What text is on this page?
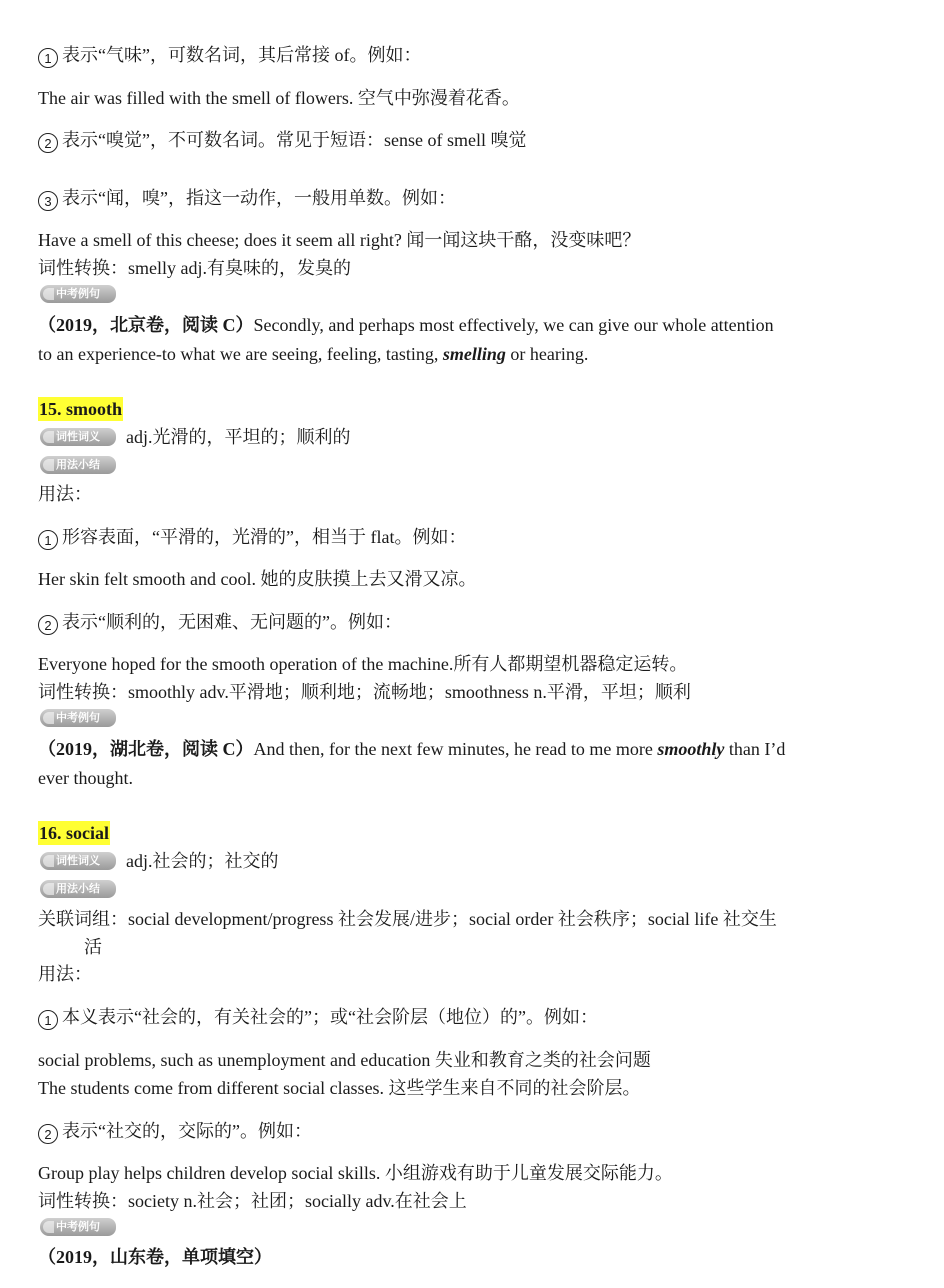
1 表示“气味”，可数名词，其后常接 of。例如：
The air was filled with the smell of flowers. 空气中弥漫着花香。
2 表示“嗅觉”，不可数名词。常见于短语：sense of smell 嗅觉
3 表示“闻，嗅”，指这一动作，一般用单数。例如：
Have a smell of this cheese; does it seem all right? 闻一闻这块干酪，没变味吧？
词性转换：smelly adj.有臭味的，发臭的
中考例句
（2019，北京卷，阅读 C）Secondly, and perhaps most effectively, we can give our whole attention
to an experience-to what we are seeing, feeling, tasting, smelling or hearing.
15. smooth
词性词义	adj.光滑的，平坦的；顺利的
用法小结
用法：
1 形容表面，“平滑的，光滑的”，相当于 flat。例如：
Her skin felt smooth and cool. 她的皮肤摸上去又滑又凉。
2 表示“顺利的，无困难、无问题的”。例如：
Everyone hoped for the smooth operation of the machine.所有人都期望机器稳定运转。
词性转换：smoothly adv.平滑地；顺利地；流畅地；smoothness n.平滑，平坦；顺利
中考例句
（2019，湖北卷，阅读 C）And then, for the next few minutes, he read to me more smoothly than I’d
ever thought.
16. social
词性词义	adj.社会的；社交的
用法小结
关联词组：social development/progress 社会发展/进步；social order 社会秩序；social life 社交生
活
用法：
1 本义表示“社会的，有关社会的”；或“社会阶层（地位）的”。例如：
social problems, such as unemployment and education 失业和教育之类的社会问题
The students come from different social classes. 这些学生来自不同的社会阶层。
2 表示“社交的，交际的”。例如：
Group play helps children develop social skills. 小组游戏有助于儿童发展交际能力。
词性转换：society n.社会；社团；socially adv.在社会上
中考例句
（2019，山东卷，单项填空）
